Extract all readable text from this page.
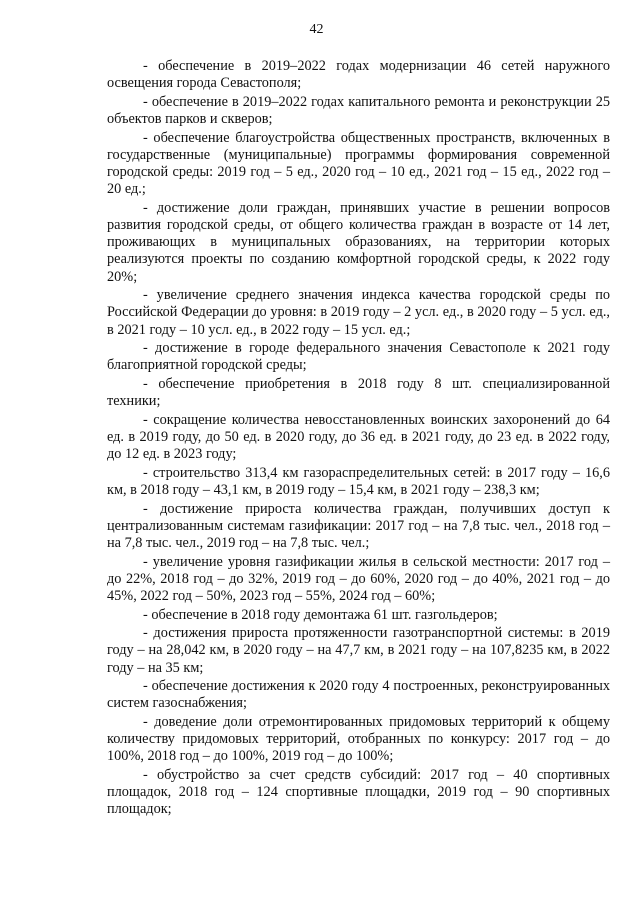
42

- обеспечение в 2019–2022 годах модернизации 46 сетей наружного освещения города Севастополя;

- обеспечение в 2019–2022 годах капитального ремонта и реконструкции 25 объектов парков и скверов;

- обеспечение благоустройства общественных пространств, включенных в государственные (муниципальные) программы формирования современной городской среды: 2019 год – 5 ед., 2020 год – 10 ед., 2021 год – 15 ед., 2022 год – 20 ед.;

- достижение доли граждан, принявших участие в решении вопросов развития городской среды, от общего количества граждан в возрасте от 14 лет, проживающих в муниципальных образованиях, на территории которых реализуются проекты по созданию комфортной городской среды, к 2022 году 20%;

- увеличение среднего значения индекса качества городской среды по Российской Федерации до уровня: в 2019 году – 2 усл. ед., в 2020 году – 5 усл. ед., в 2021 году – 10 усл. ед., в 2022 году – 15 усл. ед.;

- достижение в городе федерального значения Севастополе к 2021 году благоприятной городской среды;

- обеспечение приобретения в 2018 году 8 шт. специализированной техники;

- сокращение количества невосстановленных воинских захоронений до 64 ед. в 2019 году, до 50 ед. в 2020 году, до 36 ед. в 2021 году, до 23 ед. в 2022 году, до 12 ед. в 2023 году;

- строительство 313,4 км газораспределительных сетей: в 2017 году – 16,6 км, в 2018 году – 43,1 км, в 2019 году – 15,4 км, в 2021 году – 238,3 км;

- достижение прироста количества граждан, получивших доступ к централизованным системам газификации: 2017 год – на 7,8 тыс. чел., 2018 год – на 7,8 тыс. чел., 2019 год – на 7,8 тыс. чел.;

- увеличение уровня газификации жилья в сельской местности: 2017 год – до 22%, 2018 год – до 32%, 2019 год – до 60%, 2020 год – до 40%, 2021 год – до 45%, 2022 год – 50%, 2023 год – 55%, 2024 год – 60%;

- обеспечение в 2018 году демонтажа 61 шт. газгольдеров;

- достижения прироста протяженности газотранспортной системы: в 2019 году – на 28,042 км, в 2020 году – на 47,7 км, в 2021 году – на 107,8235 км, в 2022 году – на 35 км;

- обеспечение достижения к 2020 году 4 построенных, реконструированных систем газоснабжения;

- доведение доли отремонтированных придомовых территорий к общему количеству придомовых территорий, отобранных по конкурсу: 2017 год – до 100%, 2018 год – до 100%, 2019 год – до 100%;

- обустройство за счет средств субсидий: 2017 год – 40 спортивных площадок, 2018 год – 124 спортивные площадки, 2019 год – 90 спортивных площадок;
